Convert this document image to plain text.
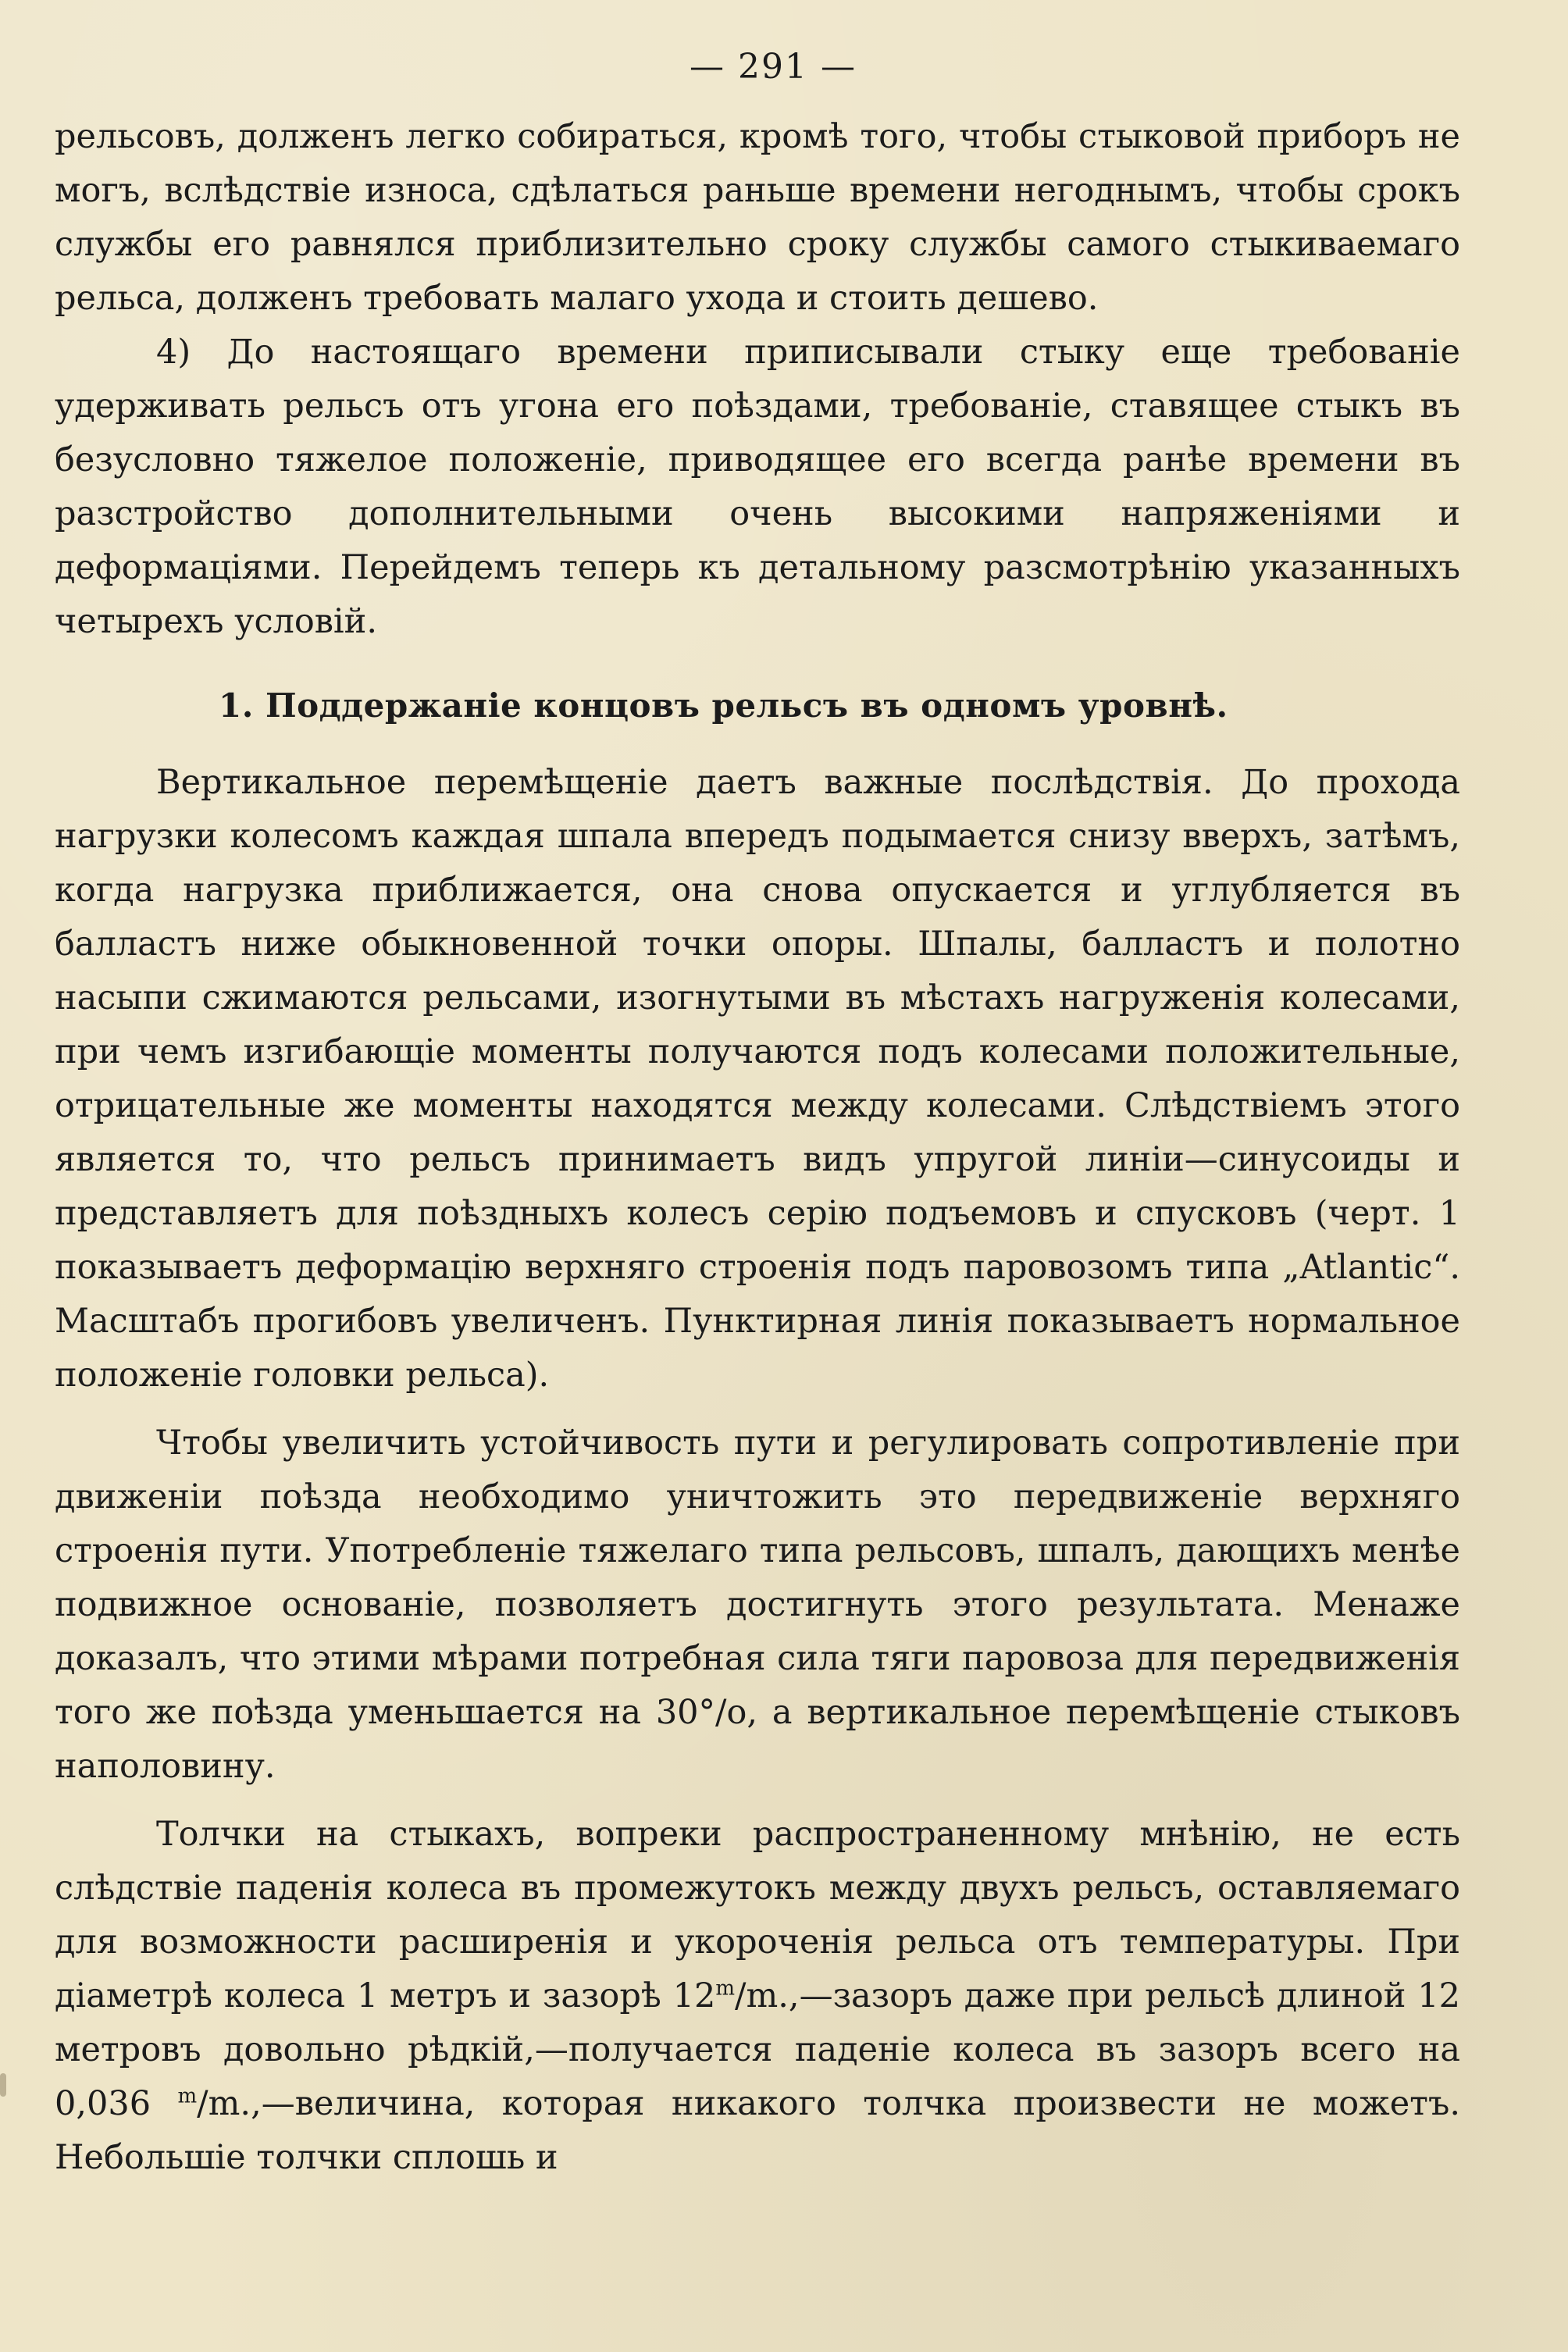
— 291 —

рельсовъ, долженъ легко собираться, кромѣ того, чтобы стыковой приборъ не могъ, вслѣдствіе износа, сдѣлаться раньше времени негоднымъ, чтобы срокъ службы его равнялся приблизительно сроку службы самого стыкиваемаго рельса, долженъ требовать малаго ухода и стоить дешево.

4) До настоящаго времени приписывали стыку еще требованіе удерживать рельсъ отъ угона его поѣздами, требованіе, ставящее стыкъ въ безусловно тяжелое положеніе, приводящее его всегда ранѣе времени въ разстройство дополнительными очень высокими напряженіями и деформаціями. Перейдемъ теперь къ детальному разсмотрѣнію указанныхъ четырехъ условій.

1. Поддержаніе концовъ рельсъ въ одномъ уровнѣ.

Вертикальное перемѣщеніе даетъ важные послѣдствія. До прохода нагрузки колесомъ каждая шпала впередъ подымается снизу вверхъ, затѣмъ, когда нагрузка приближается, она снова опускается и углубляется въ балластъ ниже обыкновенной точки опоры. Шпалы, балластъ и полотно насыпи сжимаются рельсами, изогнутыми въ мѣстахъ нагруженія колесами, при чемъ изгибающіе моменты получаются подъ колесами положительные, отрицательные же моменты находятся между колесами. Слѣдствіемъ этого является то, что рельсъ принимаетъ видъ упругой линіи—синусоиды и представляетъ для поѣздныхъ колесъ серію подъемовъ и спусковъ (черт. 1 показываетъ деформацію верхняго строенія подъ паровозомъ типа „Atlantic“. Масштабъ прогибовъ увеличенъ. Пунктирная линія показываетъ нормальное положеніе головки рельса).

Чтобы увеличить устойчивость пути и регулировать сопротивленіе при движеніи поѣзда необходимо уничтожить это передвиженіе верхняго строенія пути. Употребленіе тяжелаго типа рельсовъ, шпалъ, дающихъ менѣе подвижное основаніе, позволяетъ достигнуть этого результата. Менаже доказалъ, что этими мѣрами потребная сила тяги паровоза для передвиженія того же поѣзда уменьшается на 30°/о, а вертикальное перемѣщеніе стыковъ наполовину.

Толчки на стыкахъ, вопреки распространенному мнѣнію, не есть слѣдствіе паденія колеса въ промежутокъ между двухъ рельсъ, оставляемаго для возможности расширенія и укороченія рельса отъ температуры. При діаметрѣ колеса 1 метръ и зазорѣ 12$^m$/m.,—зазоръ даже при рельсѣ длиной 12 метровъ довольно рѣдкій,—получается паденіе колеса въ зазоръ всего на 0,036 $^m$/m.,—величина, которая никакого толчка произвести не можетъ. Небольшіе толчки сплошь и
